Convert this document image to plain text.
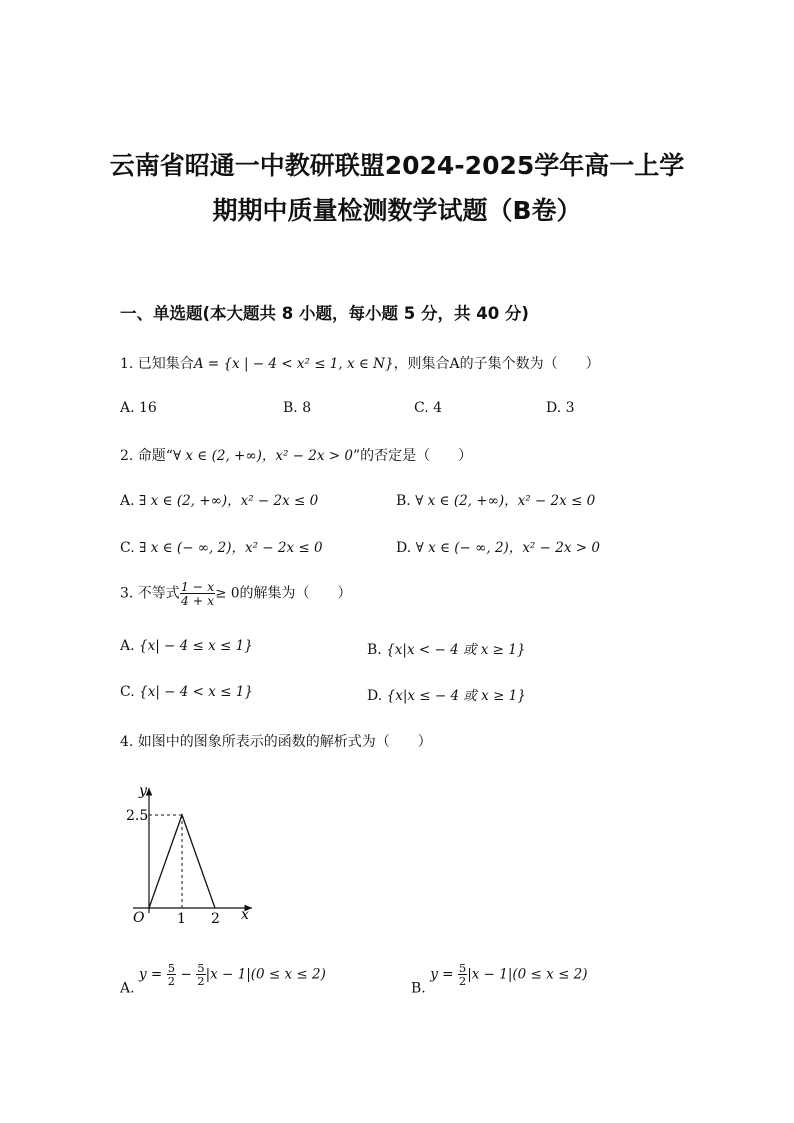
云南省昭通一中教研联盟2024-2025学年高一上学
期期中质量检测数学试题（B卷）
一、单选题(本大题共 8 小题，每小题 5 分，共 40 分)
1. 已知集合A = {x | − 4 < x² ≤ 1, x ∈ N}，则集合A的子集个数为（　　）
A. 16	B. 8	C. 4	D. 3
2. 命题“∀ x ∈ (2, +∞)，x² − 2x > 0”的否定是（　　）
A. ∃ x ∈ (2, +∞)，x² − 2x ≤ 0	B. ∀ x ∈ (2, +∞)，x² − 2x ≤ 0
C. ∃ x ∈ (− ∞, 2)，x² − 2x ≤ 0	D. ∀ x ∈ (− ∞, 2)，x² − 2x > 0
3. 不等式 $\frac{1 - x}{4 + x} \ge 0$的解集为（　　）
A. {x| − 4 ≤ x ≤ 1}	B. {x|x < − 4 或 x ≥ 1}
C. {x| − 4 < x ≤ 1}	D. {x|x ≤ − 4 或 x ≥ 1}
4. 如图中的图象所表示的函数的解析式为（　　）
y
x
O
2.5
1 2
A. $y = \frac{5}{2} - \frac{5}{2} |x - 1|(0 \le x \le 2)$
B. $y = \frac{5}{2} |x - 1|(0 \le x \le 2)$
